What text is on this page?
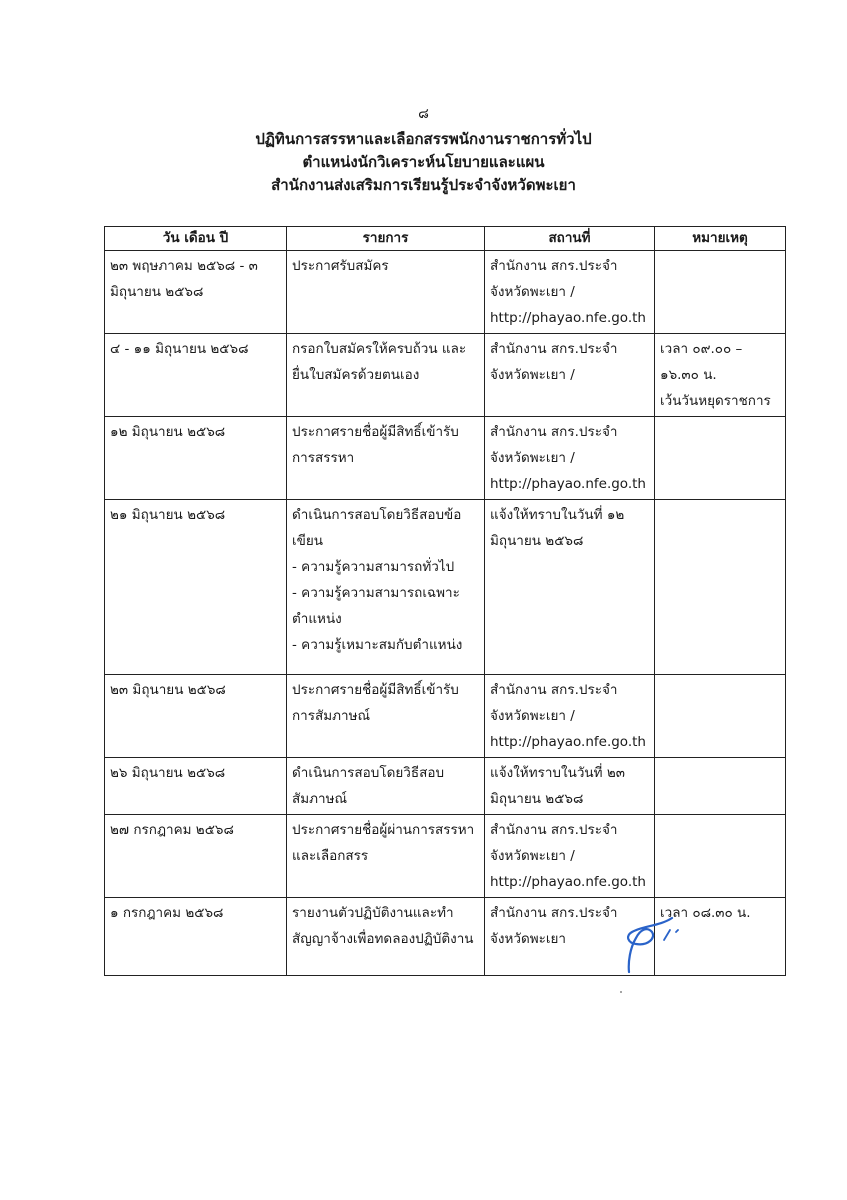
๘
ปฏิทินการสรรหาและเลือกสรรพนักงานราชการทั่วไป
ตำแหน่งนักวิเคราะห์นโยบายและแผน
สำนักงานส่งเสริมการเรียนรู้ประจำจังหวัดพะเยา
วัน เดือน ปี	รายการ	สถานที่	หมายเหตุ
๒๓ พฤษภาคม ๒๕๖๘ - ๓ มิถุนายน ๒๕๖๘	ประกาศรับสมัคร	สำนักงาน สกร.ประจำ
จังหวัดพะเยา /
http://phayao.nfe.go.th	

๔ - ๑๑ มิถุนายน ๒๕๖๘	กรอกใบสมัครให้ครบถ้วน และยื่นใบสมัครด้วยตนเอง	สำนักงาน สกร.ประจำ
จังหวัดพะเยา /	เวลา ๐๙.๐๐ –
๑๖.๓๐ น.
เว้นวันหยุดราชการ

๑๒ มิถุนายน ๒๕๖๘	ประกาศรายชื่อผู้มีสิทธิ์เข้ารับการสรรหา	สำนักงาน สกร.ประจำ
จังหวัดพะเยา /
http://phayao.nfe.go.th	

๒๑ มิถุนายน ๒๕๖๘	ดำเนินการสอบโดยวิธีสอบข้อเขียน
- ความรู้ความสามารถทั่วไป
- ความรู้ความสามารถเฉพาะตำแหน่ง
- ความรู้เหมาะสมกับตำแหน่ง	แจ้งให้ทราบในวันที่ ๑๒ มิถุนายน ๒๕๖๘	

๒๓ มิถุนายน ๒๕๖๘	ประกาศรายชื่อผู้มีสิทธิ์เข้ารับการสัมภาษณ์	สำนักงาน สกร.ประจำ
จังหวัดพะเยา /
http://phayao.nfe.go.th	

๒๖ มิถุนายน ๒๕๖๘	ดำเนินการสอบโดยวิธีสอบสัมภาษณ์	แจ้งให้ทราบในวันที่ ๒๓ มิถุนายน ๒๕๖๘	

๒๗ กรกฎาคม ๒๕๖๘	ประกาศรายชื่อผู้ผ่านการสรรหาและเลือกสรร	สำนักงาน สกร.ประจำ
จังหวัดพะเยา /
http://phayao.nfe.go.th	

๑ กรกฎาคม ๒๕๖๘	รายงานตัวปฏิบัติงานและทำสัญญาจ้างเพื่อทดลองปฏิบัติงาน	สำนักงาน สกร.ประจำ
จังหวัดพะเยา	เวลา ๐๘.๓๐ น.
